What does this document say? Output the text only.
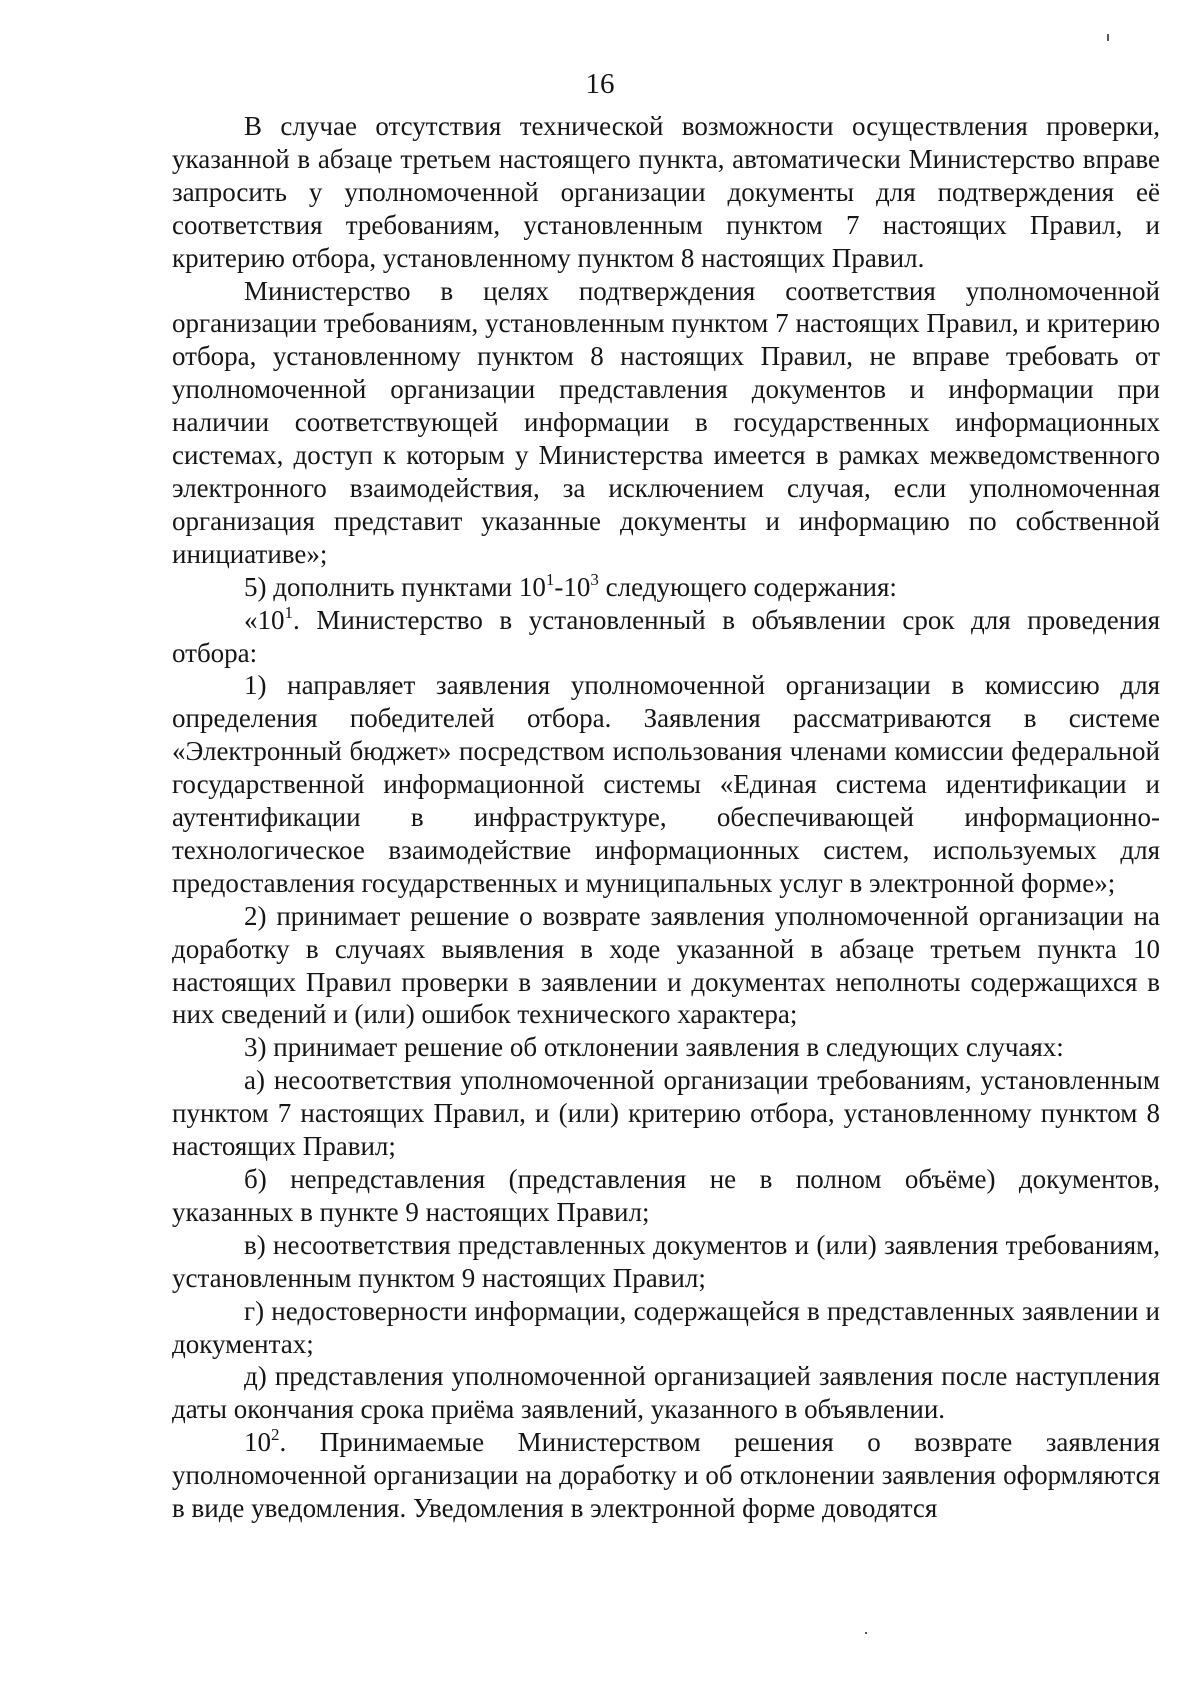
16

В случае отсутствия технической возможности осуществления проверки, указанной в абзаце третьем настоящего пункта, автоматически Министерство вправе запросить у уполномоченной организации документы для подтверждения её соответствия требованиям, установленным пунктом 7 настоящих Правил, и критерию отбора, установленному пунктом 8 настоящих Правил.

Министерство в целях подтверждения соответствия уполномоченной организации требованиям, установленным пунктом 7 настоящих Правил, и критерию отбора, установленному пунктом 8 настоящих Правил, не вправе требовать от уполномоченной организации представления документов и информации при наличии соответствующей информации в государственных информационных системах, доступ к которым у Министерства имеется в рамках межведомственного электронного взаимодействия, за исключением случая, если уполномоченная организация представит указанные документы и информацию по собственной инициативе»;

5) дополнить пунктами $10^1-10^3$ следующего содержания:

«$10^1$. Министерство в установленный в объявлении срок для проведения отбора:

1) направляет заявления уполномоченной организации в комиссию для определения победителей отбора. Заявления рассматриваются в системе «Электронный бюджет» посредством использования членами комиссии федеральной государственной информационной системы «Единая система идентификации и аутентификации в инфраструктуре, обеспечивающей информационно-технологическое взаимодействие информационных систем, используемых для предоставления государственных и муниципальных услуг в электронной форме»;

2) принимает решение о возврате заявления уполномоченной организации на доработку в случаях выявления в ходе указанной в абзаце третьем пункта 10 настоящих Правил проверки в заявлении и документах неполноты содержащихся в них сведений и (или) ошибок технического характера;

3) принимает решение об отклонении заявления в следующих случаях:

а) несоответствия уполномоченной организации требованиям, установленным пунктом 7 настоящих Правил, и (или) критерию отбора, установленному пунктом 8 настоящих Правил;

б) непредставления (представления не в полном объёме) документов, указанных в пункте 9 настоящих Правил;

в) несоответствия представленных документов и (или) заявления требованиям, установленным пунктом 9 настоящих Правил;

г) недостоверности информации, содержащейся в представленных заявлении и документах;

д) представления уполномоченной организацией заявления после наступления даты окончания срока приёма заявлений, указанного в объявлении.

$10^2$. Принимаемые Министерством решения о возврате заявления уполномоченной организации на доработку и об отклонении заявления оформляются в виде уведомления. Уведомления в электронной форме доводятся
